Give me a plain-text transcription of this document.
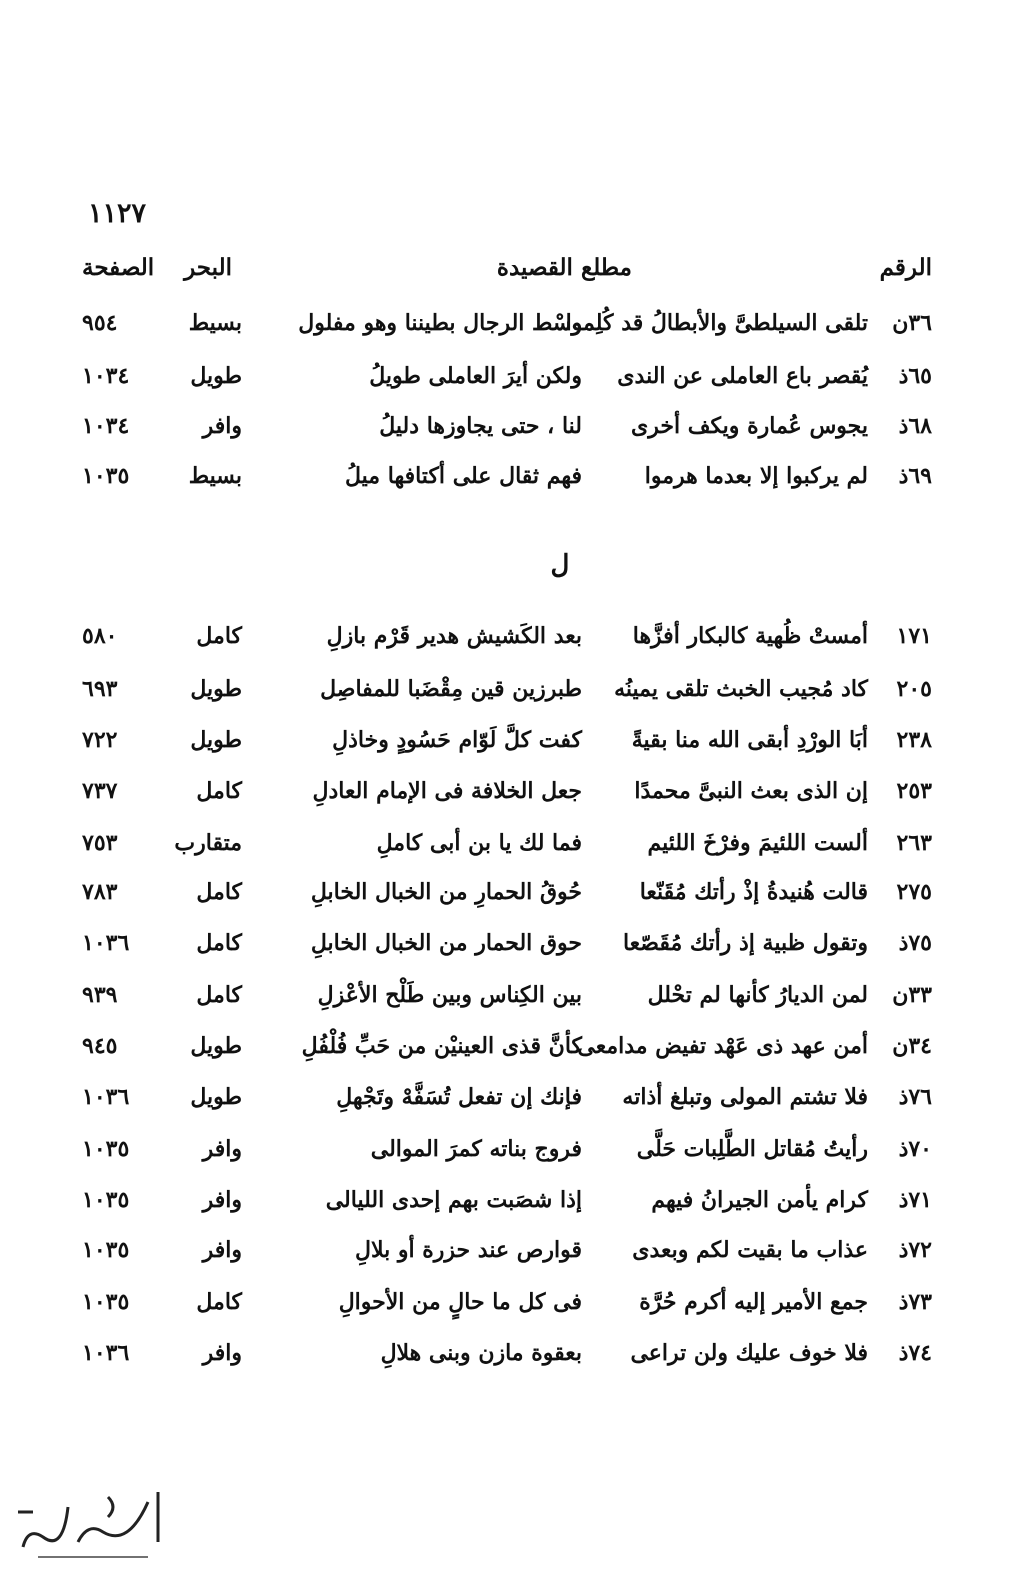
١١٢٧
الرقم
مطلع القصيدة
البحر
الصفحة
٣٦ن
تلقى السيلطىَّ والأبطالُ قد كُلِموا
وسْط الرجال بطيننا وهو مفلول
بسيط
٩٥٤
٦٥ذ
يُقصر باع العاملى عن الندى
ولكن أيرَ العاملى طويلُ
طويل
١٠٣٤
٦٨ذ
يجوس عُمارة ويكف أخرى
لنا ، حتى يجاوزها دليلُ
وافر
١٠٣٤
٦٩ذ
لم يركبوا إلا بعدما هرموا
فهم ثقال على أكتافها ميلُ
بسيط
١٠٣٥
ل
١٧١
أمستْ ظُهية كالبكار أفزَّها
بعد الكَشيش هدير قَرْم بازلِ
كامل
٥٨٠
٢٠٥
كاد مُجيب الخبث تلقى يمينُه
طبرزين قين مِقْضَبا للمفاصِل
طويل
٦٩٣
٢٣٨
أبَا الورْدِ أبقى الله منا بقيةً
كفت كلَّ لَوّام حَسُودٍ وخاذلِ
طويل
٧٢٢
٢٥٣
إن الذى بعث النبىَّ محمدًا
جعل الخلافة فى الإمام العادلِ
كامل
٧٣٧
٢٦٣
ألست اللئيمَ وفرْخَ اللئيم
فما لك يا بن أبى كاملِ
متقارب
٧٥٣
٢٧٥
قالت هُنيدةُ إذْ رأتك مُقَنّعا
حُوقُ الحمارِ من الخبال الخابلِ
كامل
٧٨٣
٧٥ذ
وتقول ظبية إذ رأتك مُقَصّعا
حوق الحمار من الخبال الخابلِ
كامل
١٠٣٦
٣٣ن
لمن الديارُ كأنها لم تحْلل
بين الكِناس وبين طَلْح الأعْزلِ
كامل
٩٣٩
٣٤ن
أمن عهد ذى عَهْد تفيض مدامعى
كأنَّ قذى العينيْن من حَبِّ فُلْفُلِ
طويل
٩٤٥
٧٦ذ
فلا تشتم المولى وتبلغ أذاته
فإنك إن تفعل تُسَفَّهْ وتَجْهلِ
طويل
١٠٣٦
٧٠ذ
رأيتُ مُقاتل الطَّلِبات حَلَّى
فروج بناته كمرَ الموالى
وافر
١٠٣٥
٧١ذ
كرام يأمن الجيرانُ فيهم
إذا شصَبت بهم إحدى الليالى
وافر
١٠٣٥
٧٢ذ
عذاب ما بقيت لكم وبعدى
قوارص عند حزرة أو بلالِ
وافر
١٠٣٥
٧٣ذ
جمع الأمير إليه أكرم حُرَّة
فى كل ما حالٍ من الأحوالِ
كامل
١٠٣٥
٧٤ذ
فلا خوف عليك ولن تراعى
بعقوة مازن وبنى هلالِ
وافر
١٠٣٦
